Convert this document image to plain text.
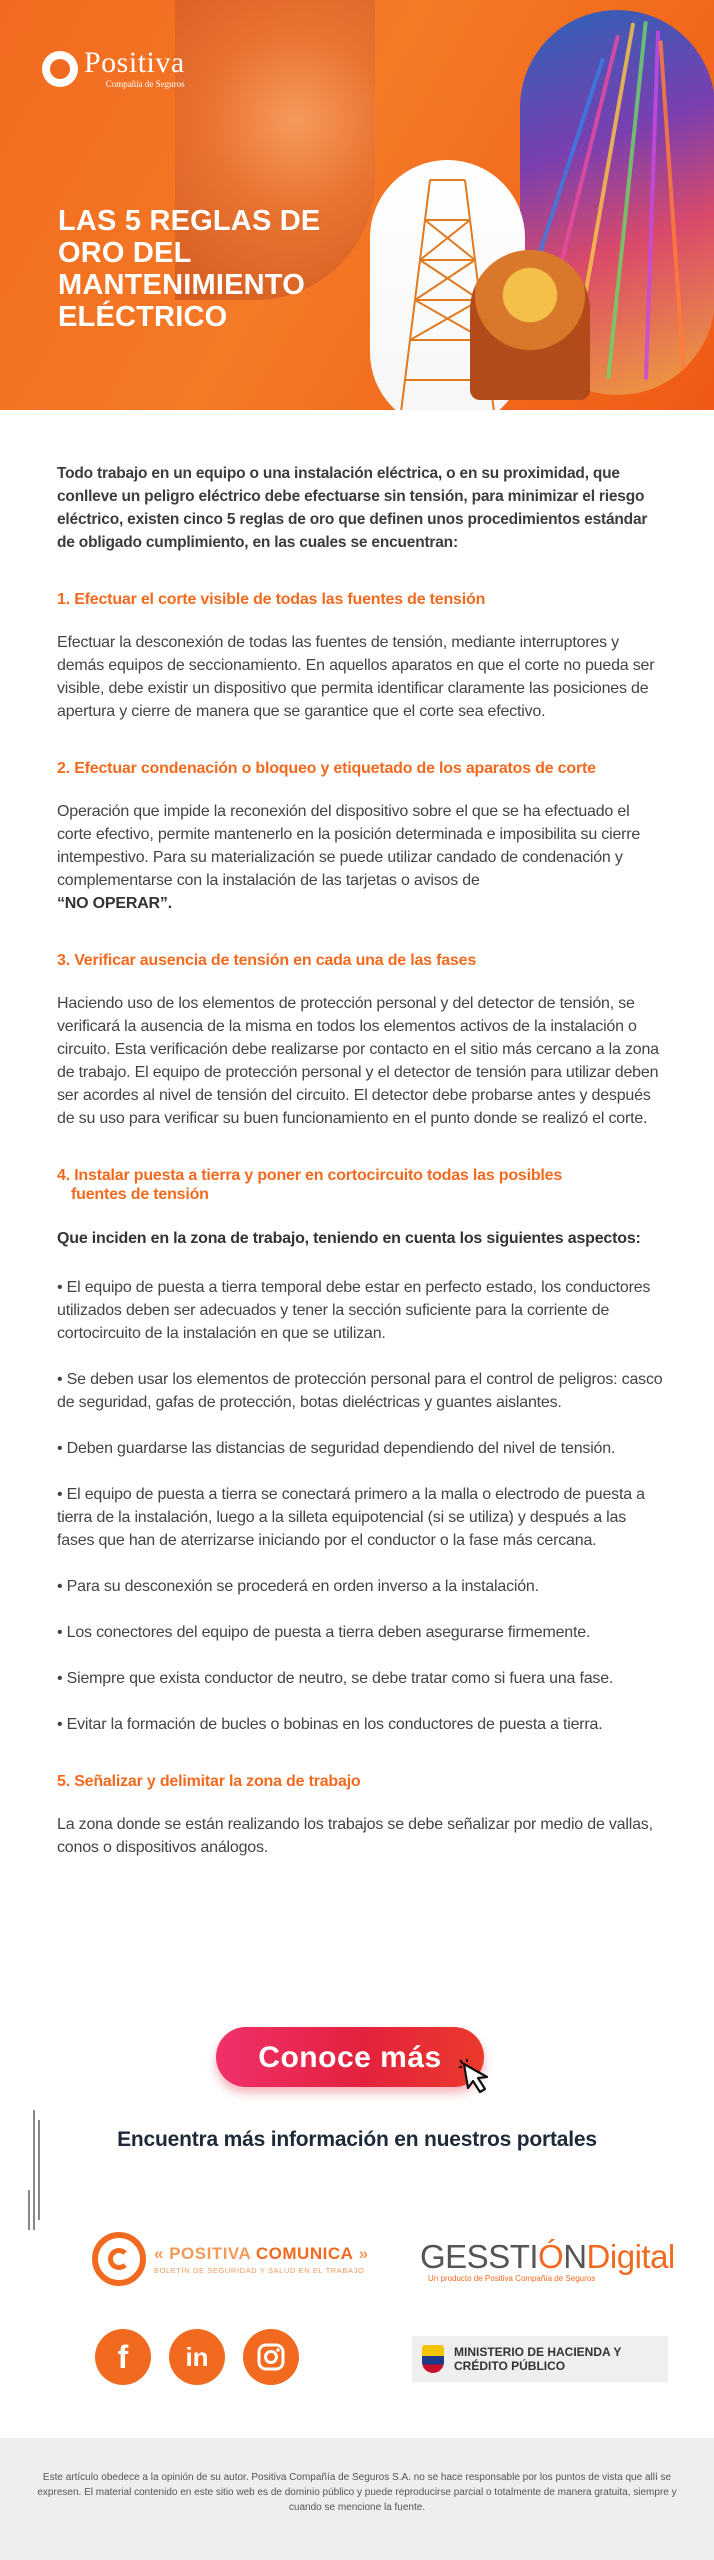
Positiva
Compañía de Seguros
LAS 5 REGLAS DE ORO DEL MANTENIMIENTO ELÉCTRICO

Todo trabajo en un equipo o una instalación eléctrica, o en su proximidad, que conlleve un peligro eléctrico debe efectuarse sin tensión, para minimizar el riesgo eléctrico, existen cinco 5 reglas de oro que definen unos procedimientos estándar de obligado cumplimiento, en las cuales se encuentran:

1. Efectuar el corte visible de todas las fuentes de tensión

Efectuar la desconexión de todas las fuentes de tensión, mediante interruptores y demás equipos de seccionamiento. En aquellos aparatos en que el corte no pueda ser visible, debe existir un dispositivo que permita identificar claramente las posiciones de apertura y cierre de manera que se garantice que el corte sea efectivo.

2. Efectuar condenación o bloqueo y etiquetado de los aparatos de corte

Operación que impide la reconexión del dispositivo sobre el que se ha efectuado el corte efectivo, permite mantenerlo en la posición determinada e imposibilita su cierre intempestivo. Para su materialización se puede utilizar candado de condenación y complementarse con la instalación de las tarjetas o avisos de
“NO OPERAR”.

3. Verificar ausencia de tensión en cada una de las fases

Haciendo uso de los elementos de protección personal y del detector de tensión, se verificará la ausencia de la misma en todos los elementos activos de la instalación o circuito. Esta verificación debe realizarse por contacto en el sitio más cercano a la zona de trabajo. El equipo de protección personal y el detector de tensión para utilizar deben ser acordes al nivel de tensión del circuito. El detector debe probarse antes y después de su uso para verificar su buen funcionamiento en el punto donde se realizó el corte.

4. Instalar puesta a tierra y poner en cortocircuito todas las posibles
fuentes de tensión

Que inciden en la zona de trabajo, teniendo en cuenta los siguientes aspectos:

• El equipo de puesta a tierra temporal debe estar en perfecto estado, los conductores utilizados deben ser adecuados y tener la sección suficiente para la corriente de cortocircuito de la instalación en que se utilizan.

• Se deben usar los elementos de protección personal para el control de peligros: casco de seguridad, gafas de protección, botas dieléctricas y guantes aislantes.

• Deben guardarse las distancias de seguridad dependiendo del nivel de tensión.

• El equipo de puesta a tierra se conectará primero a la malla o electrodo de puesta a tierra de la instalación, luego a la silleta equipotencial (si se utiliza) y después a las fases que han de aterrizarse iniciando por el conductor o la fase más cercana.

• Para su desconexión se procederá en orden inverso a la instalación.

• Los conectores del equipo de puesta a tierra deben asegurarse firmemente.

• Siempre que exista conductor de neutro, se debe tratar como si fuera una fase.

• Evitar la formación de bucles o bobinas en los conductores de puesta a tierra.

5. Señalizar y delimitar la zona de trabajo

La zona donde se están realizando los trabajos se debe señalizar por medio de vallas, conos o dispositivos análogos.

Conoce más
Encuentra más información en nuestros portales
« POSITIVA COMUNICA »
BOLETÍN DE SEGURIDAD Y SALUD EN EL TRABAJO GESSTIÓNDigital
Un producto de Positiva Compañía de Seguros
f in	MINISTERIO DE HACIENDA Y
CRÉDITO PÚBLICO
Este artículo obedece a la opinión de su autor. Positiva Compañía de Seguros S.A. no se hace responsable por los puntos de vista que allí se expresen. El material contenido en este sitio web es de dominio público y puede reproducirse parcial o totalmente de manera gratuita, siempre y cuando se mencione la fuente.
